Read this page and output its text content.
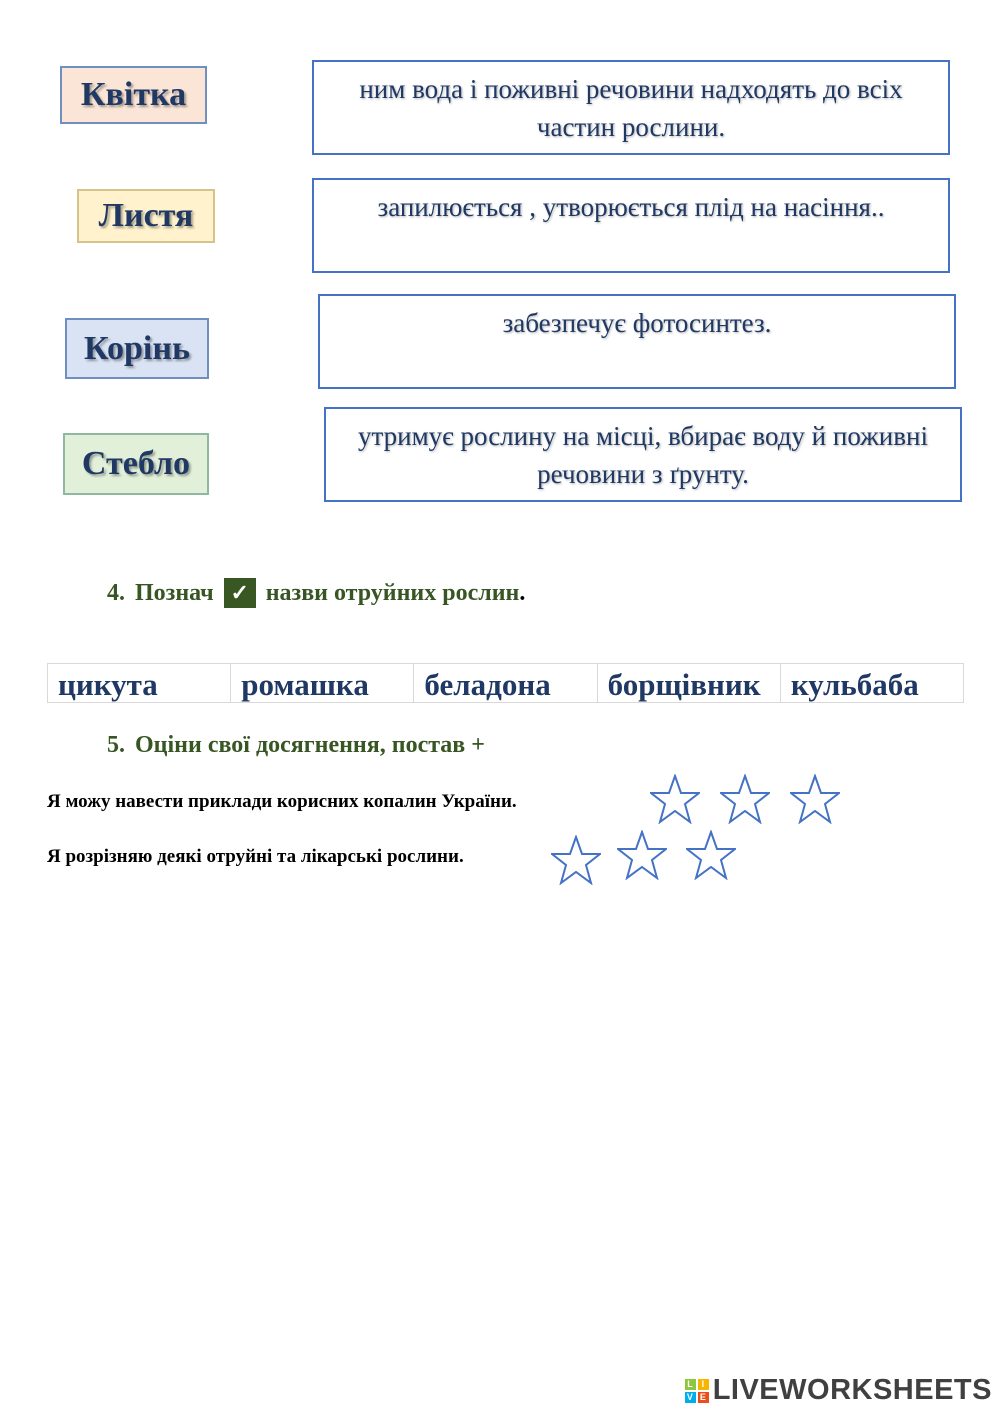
Квітка
Листя
Корінь
Стебло
ним вода і поживні речовини надходять до всіх частин рослини.
запилюється , утворюється плід на насіння..
забезпечує фотосинтез.
утримує рослину на місці, вбирає воду й поживні речовини з ґрунту.
4. Познач ✓ назви отруйних рослин .
цикута	ромашка	беладона	борщівник кульбаба
5. Оціни свої досягнення, постав +
Я можу навести приклади корисних копалин України.
Я розрізняю деякі отруйні та лікарські рослини.
L I
V E LIVEWORKSHEETS
